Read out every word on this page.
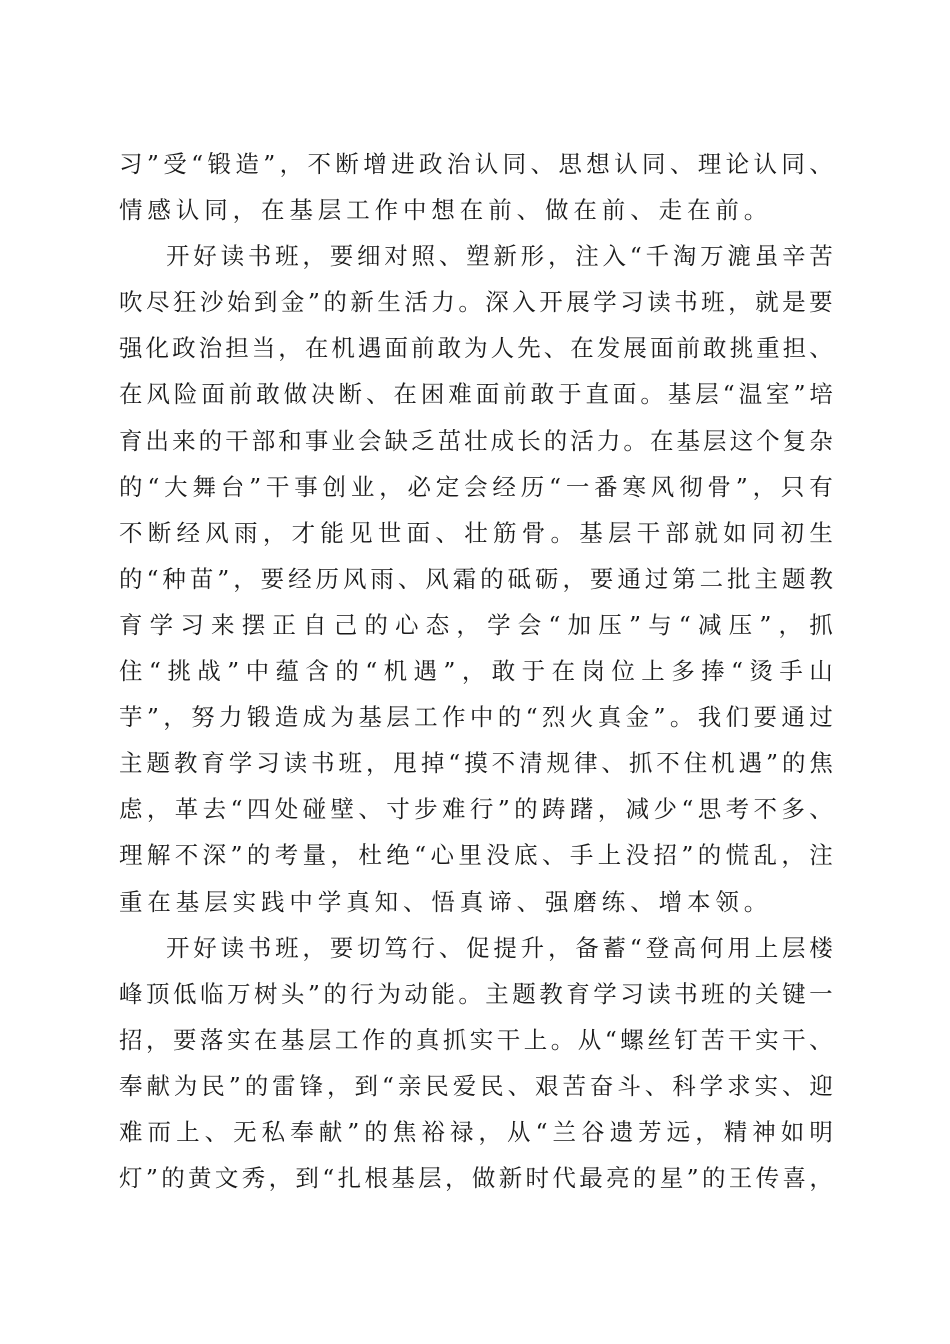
习 ” 受 “ 锻 造 ” ， 不 断 增 进 政 治 认 同 、 思 想 认 同 、 理 论 认 同 、
情感认同，在基层工作中想在前、做在前、走在前。
开 好 读 书 班 ， 要 细 对 照 、 塑 新 形 ， 注 入 “ 千 淘 万 漉 虽 辛 苦
吹 尽 狂 沙 始 到 金 ” 的 新 生 活 力 。 深 入 开 展 学 习 读 书 班 ， 就 是 要
强 化 政 治 担 当 ， 在 机 遇 面 前 敢 为 人 先 、 在 发 展 面 前 敢 挑 重 担 、
在 风 险 面 前 敢 做 决 断 、 在 困 难 面 前 敢 于 直 面 。 基 层 “ 温 室 ” 培
育 出 来 的 干 部 和 事 业 会 缺 乏 茁 壮 成 长 的 活 力 。 在 基 层 这 个 复 杂
的 “ 大 舞 台 ” 干 事 创 业 ， 必 定 会 经 历 “ 一 番 寒 风 彻 骨 ” ， 只 有
不 断 经 风 雨 ， 才 能 见 世 面 、 壮 筋 骨 。 基 层 干 部 就 如 同 初 生
的 “ 种 苗 ” ， 要 经 历 风 雨 、 风 霜 的 砥 砺 ， 要 通 过 第 二 批 主 题 教
育 学 习 来 摆 正 自 己 的 心 态 ， 学 会 “ 加 压 ” 与 “ 减 压 ” ， 抓
住 “ 挑 战 ” 中 蕴 含 的 “ 机 遇 ” ， 敢 于 在 岗 位 上 多 捧 “ 烫 手 山
芋 ” ， 努 力 锻 造 成 为 基 层 工 作 中 的 “ 烈 火 真 金 ” 。 我 们 要 通 过
主 题 教 育 学 习 读 书 班 ， 甩 掉 “ 摸 不 清 规 律 、 抓 不 住 机 遇 ” 的 焦
虑 ， 革 去 “ 四 处 碰 壁 、 寸 步 难 行 ” 的 踌 躇 ， 减 少 “ 思 考 不 多 、
理 解 不 深 ” 的 考 量 ， 杜 绝 “ 心 里 没 底 、 手 上 没 招 ” 的 慌 乱 ， 注
重在基层实践中学真知、悟真谛、强磨练、增本领。
开 好 读 书 班 ， 要 切 笃 行 、 促 提 升 ， 备 蓄 “ 登 高 何 用 上 层 楼
峰 顶 低 临 万 树 头 ” 的 行 为 动 能 。 主 题 教 育 学 习 读 书 班 的 关 键 一
招 ， 要 落 实 在 基 层 工 作 的 真 抓 实 干 上 。 从 “ 螺 丝 钉 苦 干 实 干 、
奉 献 为 民 ” 的 雷 锋 ， 到 “ 亲 民 爱 民 、 艰 苦 奋 斗 、 科 学 求 实 、 迎
难 而 上 、 无 私 奉 献 ” 的 焦 裕 禄 ， 从 “ 兰 谷 遗 芳 远 ， 精 神 如 明
灯 ” 的 黄 文 秀 ， 到 “ 扎 根 基 层 ， 做 新 时 代 最 亮 的 星 ” 的 王 传 喜 ，
